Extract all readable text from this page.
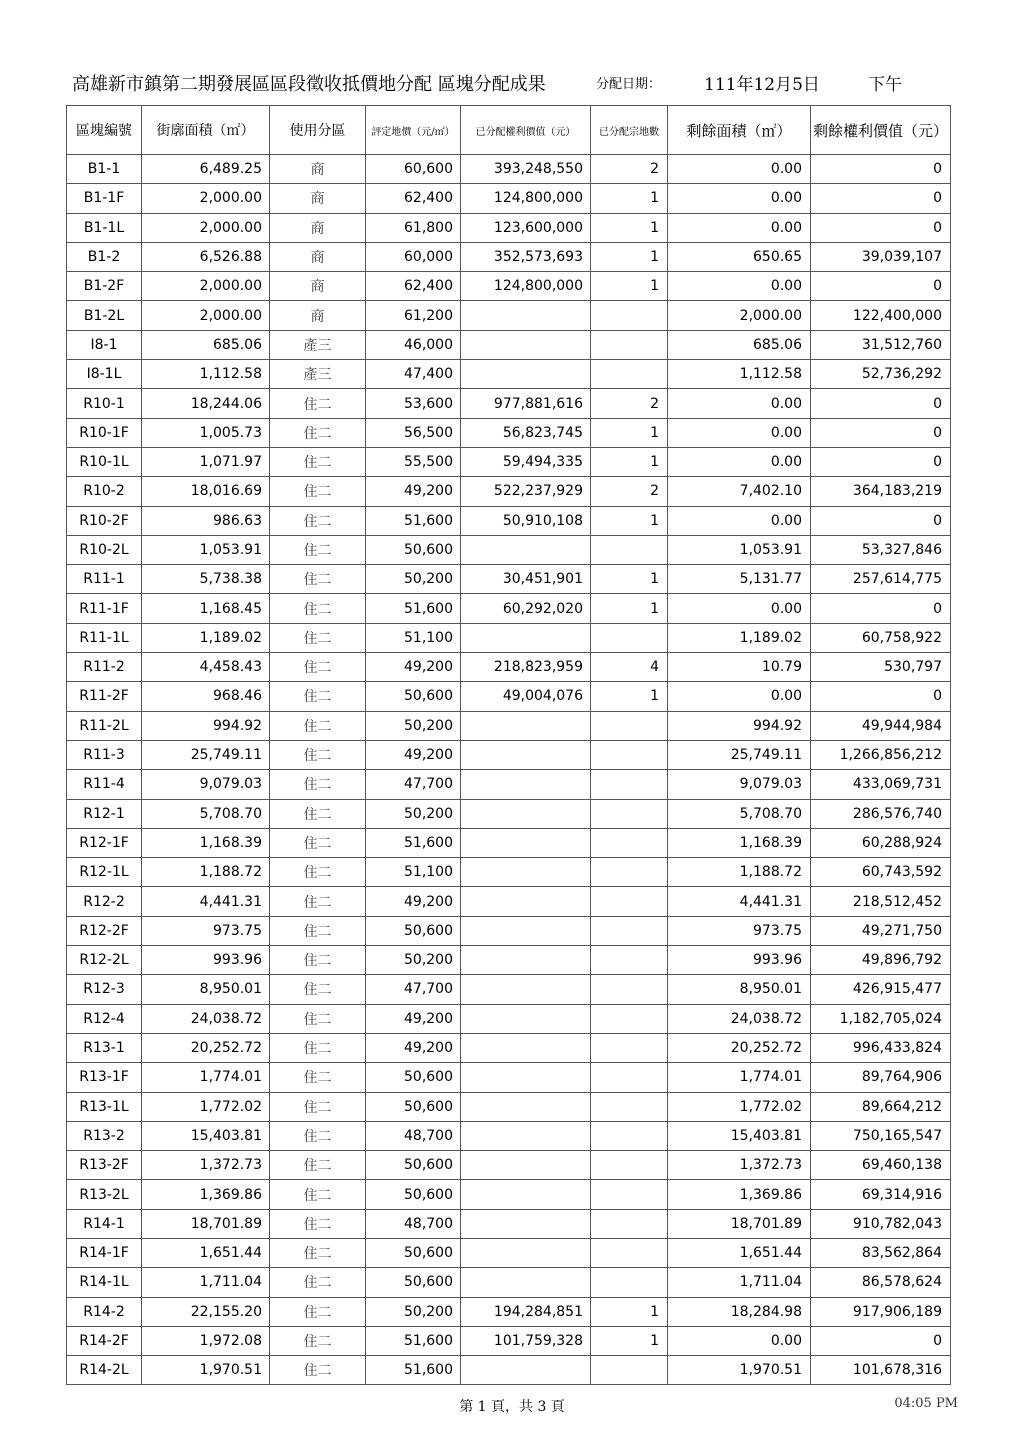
高雄新市鎮第二期發展區區段徵收抵價地分配 區塊分配成果	分配日期：	111年12月5日	下午
區塊編號	街廓面積（㎡）	使用分區	評定地價（元/㎡）	已分配權利價值（元）	已分配宗地數	剩餘面積（㎡）	剩餘權利價值（元）
B1-1	6,489.25	商	60,600	393,248,550	2	0.00	0
B1-1F	2,000.00	商	62,400	124,800,000	1	0.00	0
B1-1L	2,000.00	商	61,800	123,600,000	1	0.00	0
B1-2	6,526.88	商	60,000	352,573,693	1	650.65	39,039,107
B1-2F	2,000.00	商	62,400	124,800,000	1	0.00	0
B1-2L	2,000.00	商	61,200			2,000.00	122,400,000
I8-1	685.06	產三	46,000			685.06	31,512,760
I8-1L	1,112.58	產三	47,400			1,112.58	52,736,292
R10-1	18,244.06	住二	53,600	977,881,616	2	0.00	0
R10-1F	1,005.73	住二	56,500	56,823,745	1	0.00	0
R10-1L	1,071.97	住二	55,500	59,494,335	1	0.00	0
R10-2	18,016.69	住二	49,200	522,237,929	2	7,402.10	364,183,219
R10-2F	986.63	住二	51,600	50,910,108	1	0.00	0
R10-2L	1,053.91	住二	50,600			1,053.91	53,327,846
R11-1	5,738.38	住二	50,200	30,451,901	1	5,131.77	257,614,775
R11-1F	1,168.45	住二	51,600	60,292,020	1	0.00	0
R11-1L	1,189.02	住二	51,100			1,189.02	60,758,922
R11-2	4,458.43	住二	49,200	218,823,959	4	10.79	530,797
R11-2F	968.46	住二	50,600	49,004,076	1	0.00	0
R11-2L	994.92	住二	50,200			994.92	49,944,984
R11-3	25,749.11	住二	49,200			25,749.11	1,266,856,212
R11-4	9,079.03	住二	47,700			9,079.03	433,069,731
R12-1	5,708.70	住二	50,200			5,708.70	286,576,740
R12-1F	1,168.39	住二	51,600			1,168.39	60,288,924
R12-1L	1,188.72	住二	51,100			1,188.72	60,743,592
R12-2	4,441.31	住二	49,200			4,441.31	218,512,452
R12-2F	973.75	住二	50,600			973.75	49,271,750
R12-2L	993.96	住二	50,200			993.96	49,896,792
R12-3	8,950.01	住二	47,700			8,950.01	426,915,477
R12-4	24,038.72	住二	49,200			24,038.72	1,182,705,024
R13-1	20,252.72	住二	49,200			20,252.72	996,433,824
R13-1F	1,774.01	住二	50,600			1,774.01	89,764,906
R13-1L	1,772.02	住二	50,600			1,772.02	89,664,212
R13-2	15,403.81	住二	48,700			15,403.81	750,165,547
R13-2F	1,372.73	住二	50,600			1,372.73	69,460,138
R13-2L	1,369.86	住二	50,600			1,369.86	69,314,916
R14-1	18,701.89	住二	48,700			18,701.89	910,782,043
R14-1F	1,651.44	住二	50,600			1,651.44	83,562,864
R14-1L	1,711.04	住二	50,600			1,711.04	86,578,624
R14-2	22,155.20	住二	50,200	194,284,851	1	18,284.98	917,906,189
R14-2F	1,972.08	住二	51,600	101,759,328	1	0.00	0
R14-2L	1,970.51	住二	51,600			1,970.51	101,678,316
第 1 頁，共 3 頁	04:05 PM
